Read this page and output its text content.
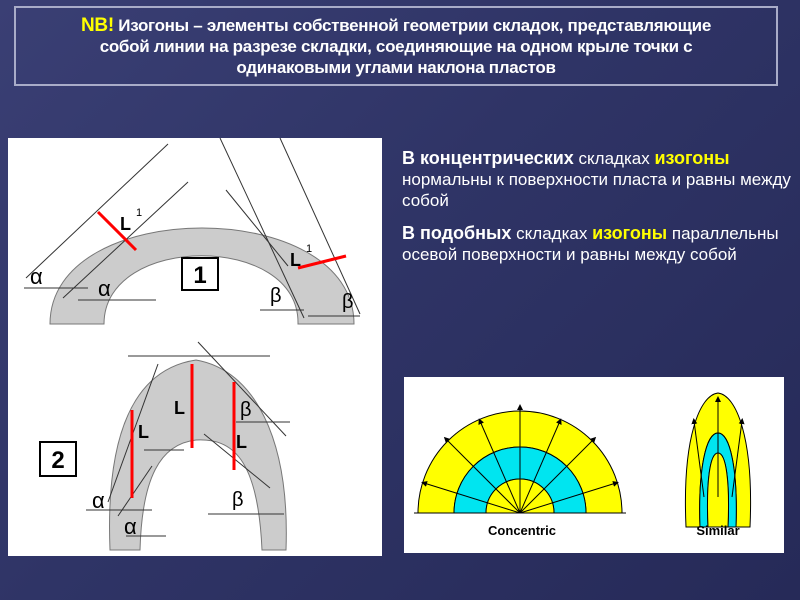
NB! Изогоны – элементы собственной геометрии складок, представляющие собой линии на разрезе складки, соединяющие на одном крыле точки с одинаковыми углами наклона пластов
L
1
L
1
α	α	β	β
1
L
L
L
α
α
β
β
2

В концентрических складках изогоны нормальны к поверхности пласта и равны между собой

В подобных складках изогоны параллельны осевой поверхности и равны между собой

Concentric	Similar
